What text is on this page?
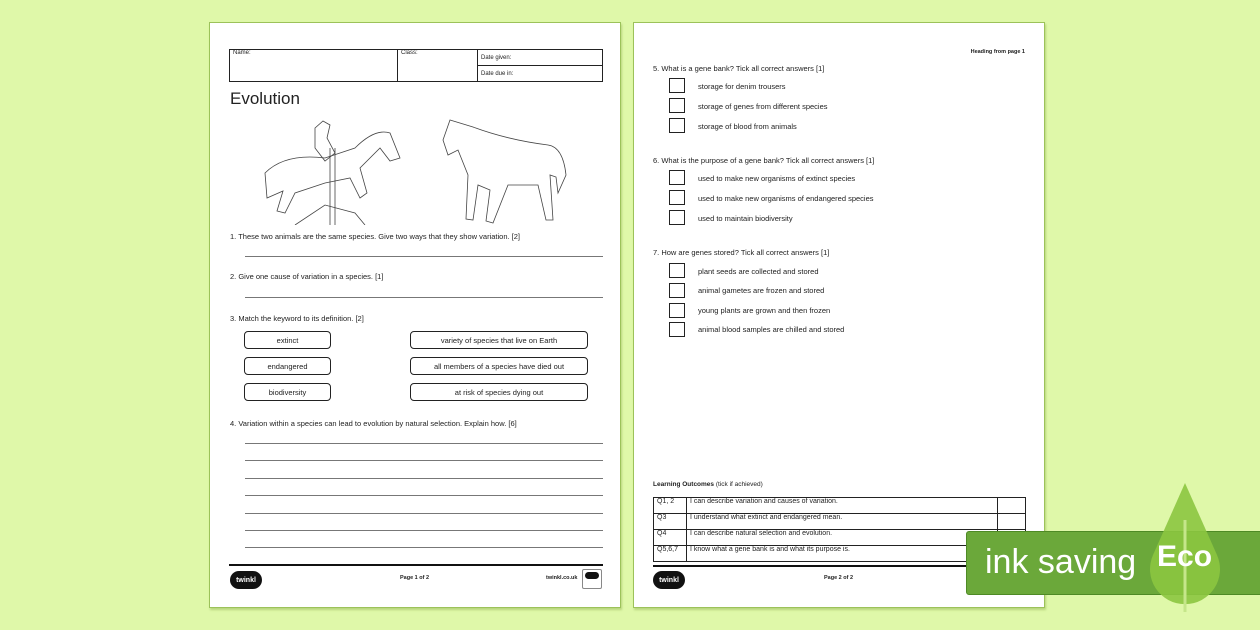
Name:	Class:	Date given:
Date due in:
Evolution
1. These two animals are the same species. Give two ways that they show variation. [2]
2. Give one cause of variation in a species. [1]
3. Match the keyword to its definition. [2]
extinct
endangered
biodiversity
variety of species that live on Earth
all members of a species have died out
at risk of species dying out
4. Variation within a species can lead to evolution by natural selection. Explain how. [6]
twinkl	Page 1 of 2	twinkl.co.uk
Heading from page 1
5. What is a gene bank? Tick all correct answers [1]
storage for denim trousers
storage of genes from different species
storage of blood from animals
6. What is the purpose of a gene bank? Tick all correct answers [1]
used to make new organisms of extinct species
used to make new organisms of endangered species
used to maintain biodiversity
7. How are genes stored? Tick all correct answers [1]
plant seeds are collected and stored
animal gametes are frozen and stored
young plants are grown and then frozen
animal blood samples are chilled and stored
Learning Outcomes (tick if achieved)
Q1, 2	I can describe variation and causes of variation.	
Q3	I understand what extinct and endangered mean.	
Q4	I can describe natural selection and evolution.	
Q5,6,7	I know what a gene bank is and what its purpose is.	
twinkl	Page 2 of 2	ink saving Eco
